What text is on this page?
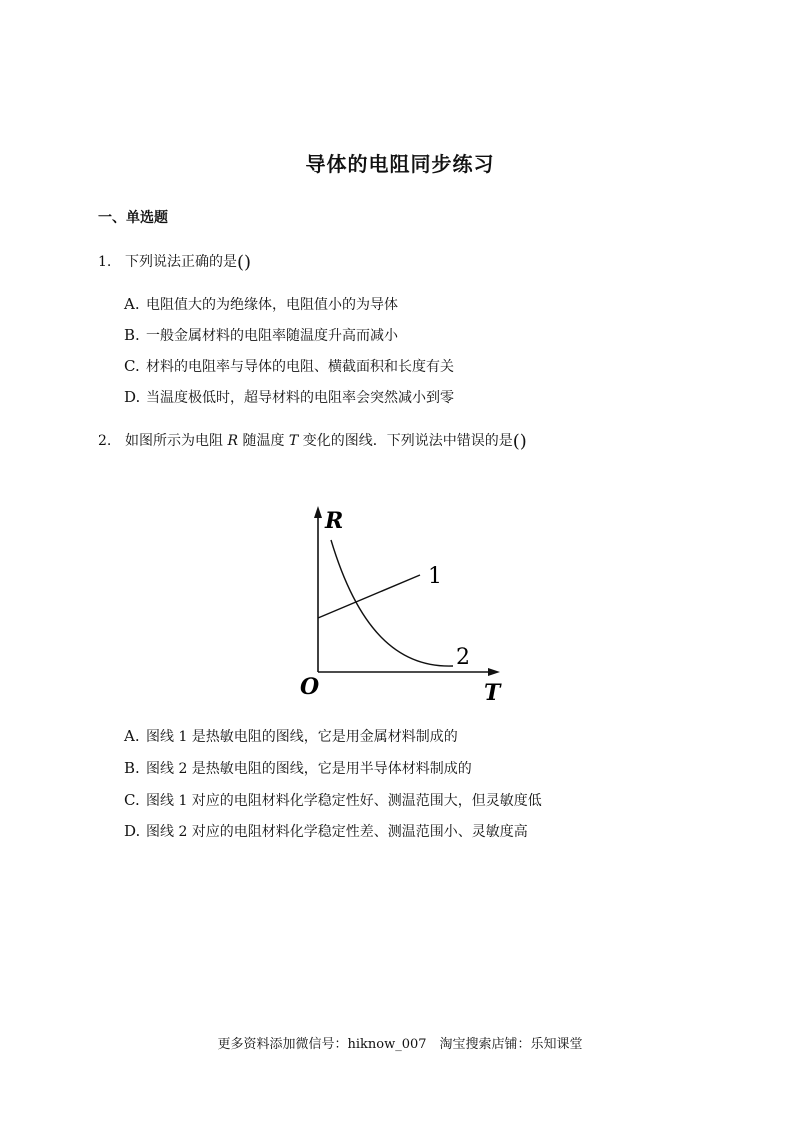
导体的电阻同步练习
一、单选题
1. 下列说法正确的是()
A. 电阻值大的为绝缘体，电阻值小的为导体
B. 一般金属材料的电阻率随温度升高而减小
C. 材料的电阻率与导体的电阻、横截面积和长度有关
D. 当温度极低时，超导材料的电阻率会突然减小到零
2. 如图所示为电阻 R 随温度 T 变化的图线．下列说法中错误的是()
R
T
O
1
2
A. 图线 1 是热敏电阻的图线，它是用金属材料制成的
B. 图线 2 是热敏电阻的图线，它是用半导体材料制成的
C. 图线 1 对应的电阻材料化学稳定性好、测温范围大，但灵敏度低
D. 图线 2 对应的电阻材料化学稳定性差、测温范围小、灵敏度高
更多资料添加微信号：hiknow_007　淘宝搜索店铺：乐知课堂
